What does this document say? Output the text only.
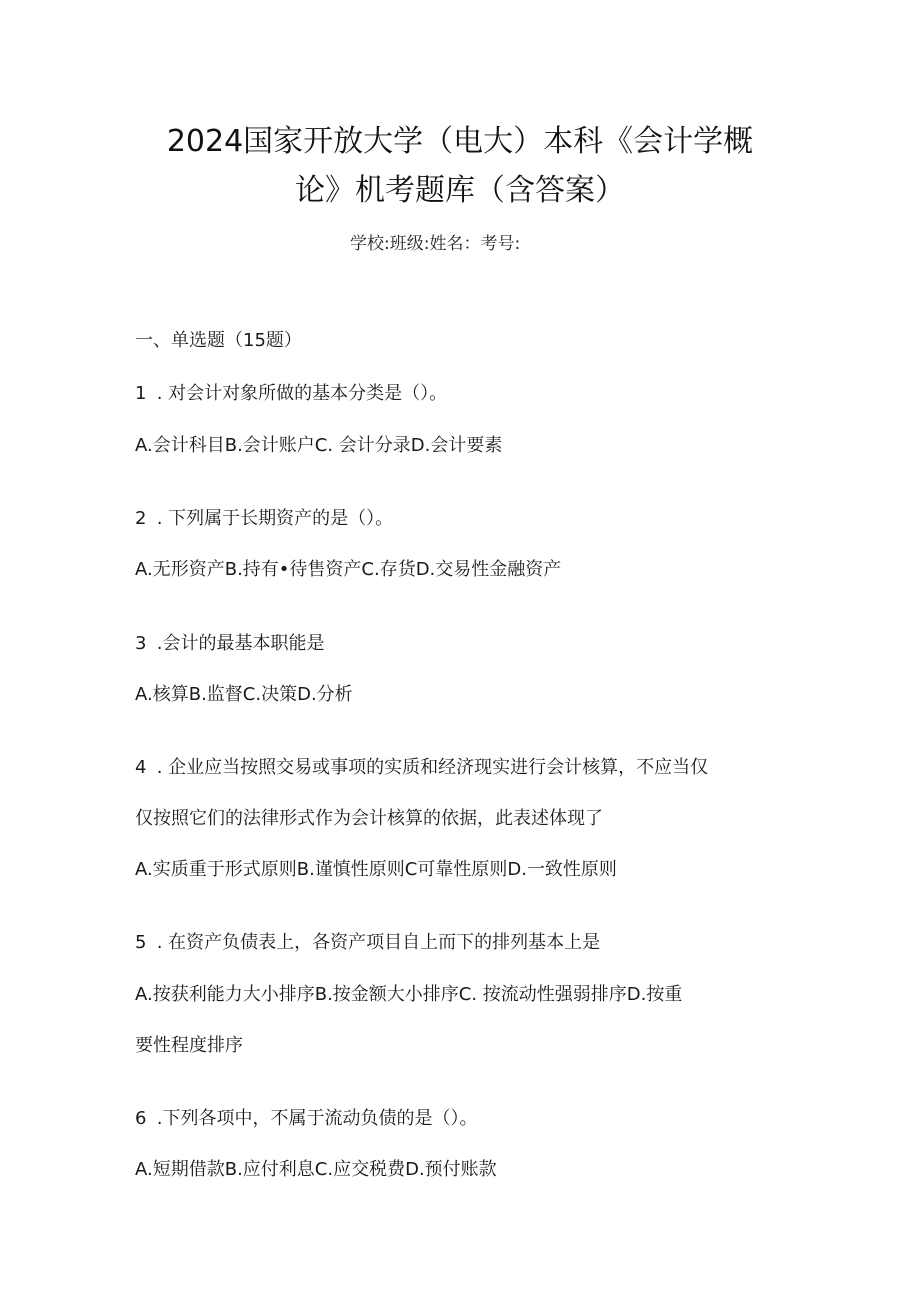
2024国家开放大学（电大）本科《会计学概
论》机考题库（含答案）
学校:班级:姓名：考号:
一、单选题（15题）
1 . 对会计对象所做的基本分类是（）。
A.会计科目B.会计账户C. 会计分录D.会计要素
2 . 下列属于长期资产的是（）。
A.无形资产B.持有•待售资产C.存货D.交易性金融资产
3 .会计的最基本职能是
A.核算B.监督C.决策D.分析
4 . 企业应当按照交易或事项的实质和经济现实进行会计核算，不应当仅
仅按照它们的法律形式作为会计核算的依据，此表述体现了
A.实质重于形式原则B.谨慎性原则C可靠性原则D.一致性原则
5 . 在资产负债表上，各资产项目自上而下的排列基本上是
A.按获利能力大小排序B.按金额大小排序C. 按流动性强弱排序D.按重
要性程度排序
6 .下列各项中，不属于流动负债的是（）。
A.短期借款B.应付利息C.应交税费D.预付账款
